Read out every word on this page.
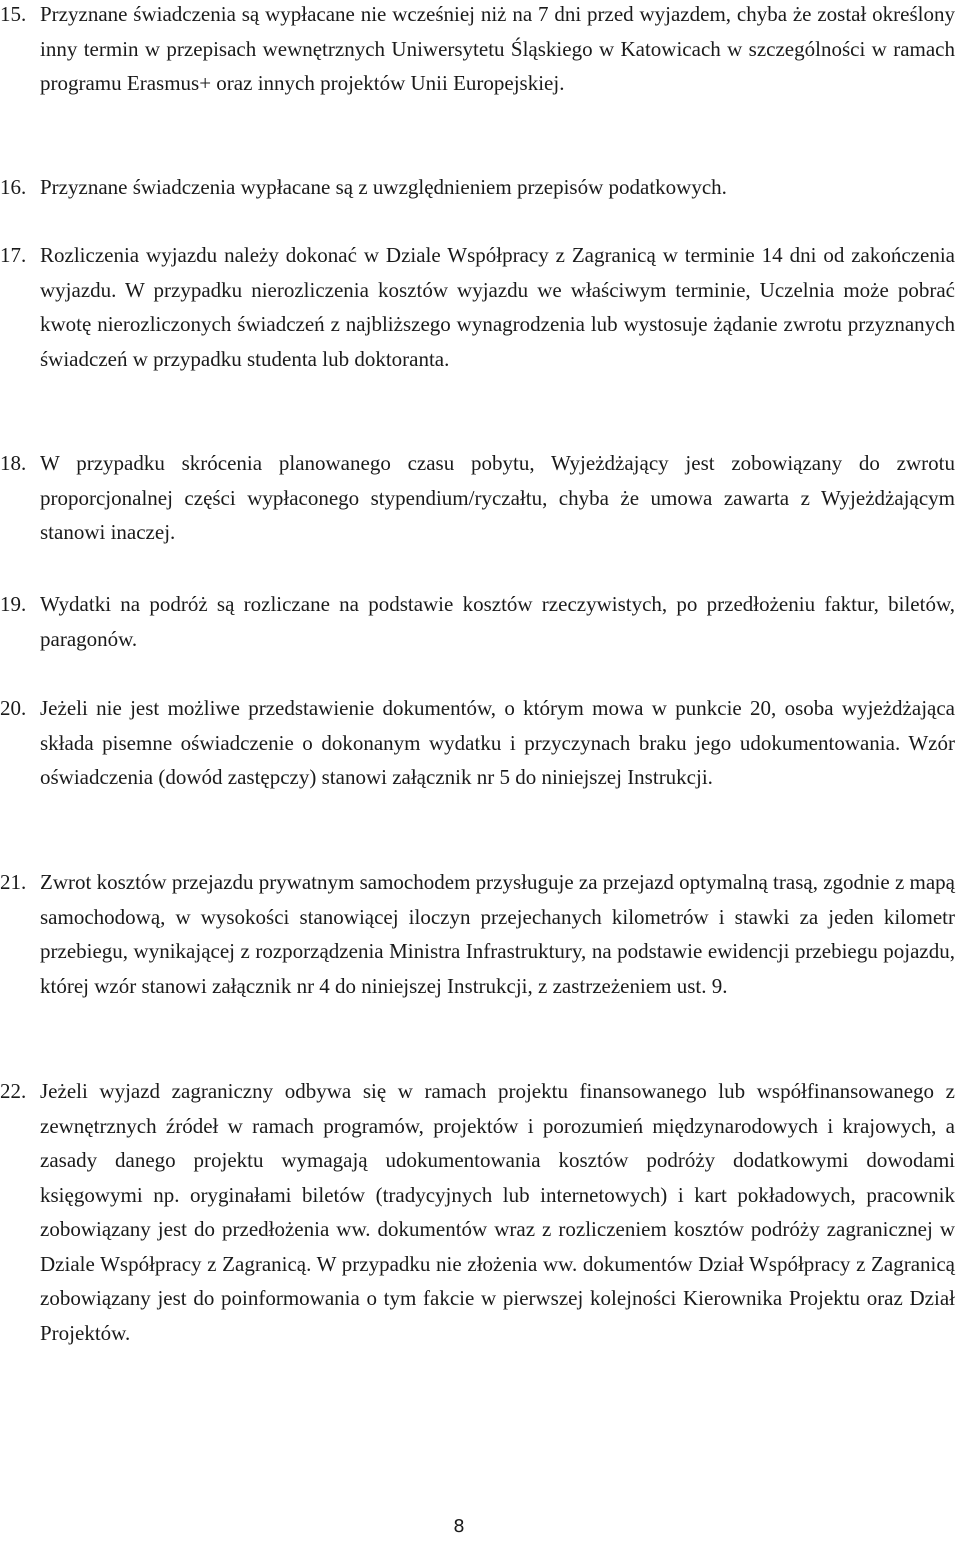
15. Przyznane świadczenia są wypłacane nie wcześniej niż na 7 dni przed wyjazdem, chyba że został określony inny termin w przepisach wewnętrznych Uniwersytetu Śląskiego w Katowicach w szczególności w ramach programu Erasmus+ oraz innych projektów Unii Europejskiej.
16. Przyznane świadczenia wypłacane są z uwzględnieniem przepisów podatkowych.
17. Rozliczenia wyjazdu należy dokonać w Dziale Współpracy z Zagranicą w terminie 14 dni od zakończenia wyjazdu. W przypadku nierozliczenia kosztów wyjazdu we właściwym terminie, Uczelnia może pobrać kwotę nierozliczonych świadczeń z najbliższego wynagrodzenia lub wystosuje żądanie zwrotu przyznanych świadczeń w przypadku studenta lub doktoranta.
18. W przypadku skrócenia planowanego czasu pobytu, Wyjeżdżający jest zobowiązany do zwrotu proporcjonalnej części wypłaconego stypendium/ryczałtu, chyba że umowa zawarta z Wyjeżdżającym stanowi inaczej.
19. Wydatki na podróż są rozliczane na podstawie kosztów rzeczywistych, po przedłożeniu faktur, biletów, paragonów.
20. Jeżeli nie jest możliwe przedstawienie dokumentów, o którym mowa w punkcie 20, osoba wyjeżdżająca składa pisemne oświadczenie o dokonanym wydatku i przyczynach braku jego udokumentowania. Wzór oświadczenia (dowód zastępczy) stanowi załącznik nr 5 do niniejszej Instrukcji.
21. Zwrot kosztów przejazdu prywatnym samochodem przysługuje za przejazd optymalną trasą, zgodnie z mapą samochodową, w wysokości stanowiącej iloczyn przejechanych kilometrów i stawki za jeden kilometr przebiegu, wynikającej z rozporządzenia Ministra Infrastruktury, na podstawie ewidencji przebiegu pojazdu, której wzór stanowi załącznik nr 4 do niniejszej Instrukcji, z zastrzeżeniem ust. 9.
22. Jeżeli wyjazd zagraniczny odbywa się w ramach projektu finansowanego lub współfinansowanego z zewnętrznych źródeł w ramach programów, projektów i porozumień międzynarodowych i krajowych, a zasady danego projektu wymagają udokumentowania kosztów podróży dodatkowymi dowodami księgowymi np. oryginałami biletów (tradycyjnych lub internetowych) i kart pokładowych, pracownik zobowiązany jest do przedłożenia ww. dokumentów wraz z rozliczeniem kosztów podróży zagranicznej w Dziale Współpracy z Zagranicą. W przypadku nie złożenia ww. dokumentów Dział Współpracy z Zagranicą zobowiązany jest do poinformowania o tym fakcie w pierwszej kolejności Kierownika Projektu oraz Dział Projektów.
8
